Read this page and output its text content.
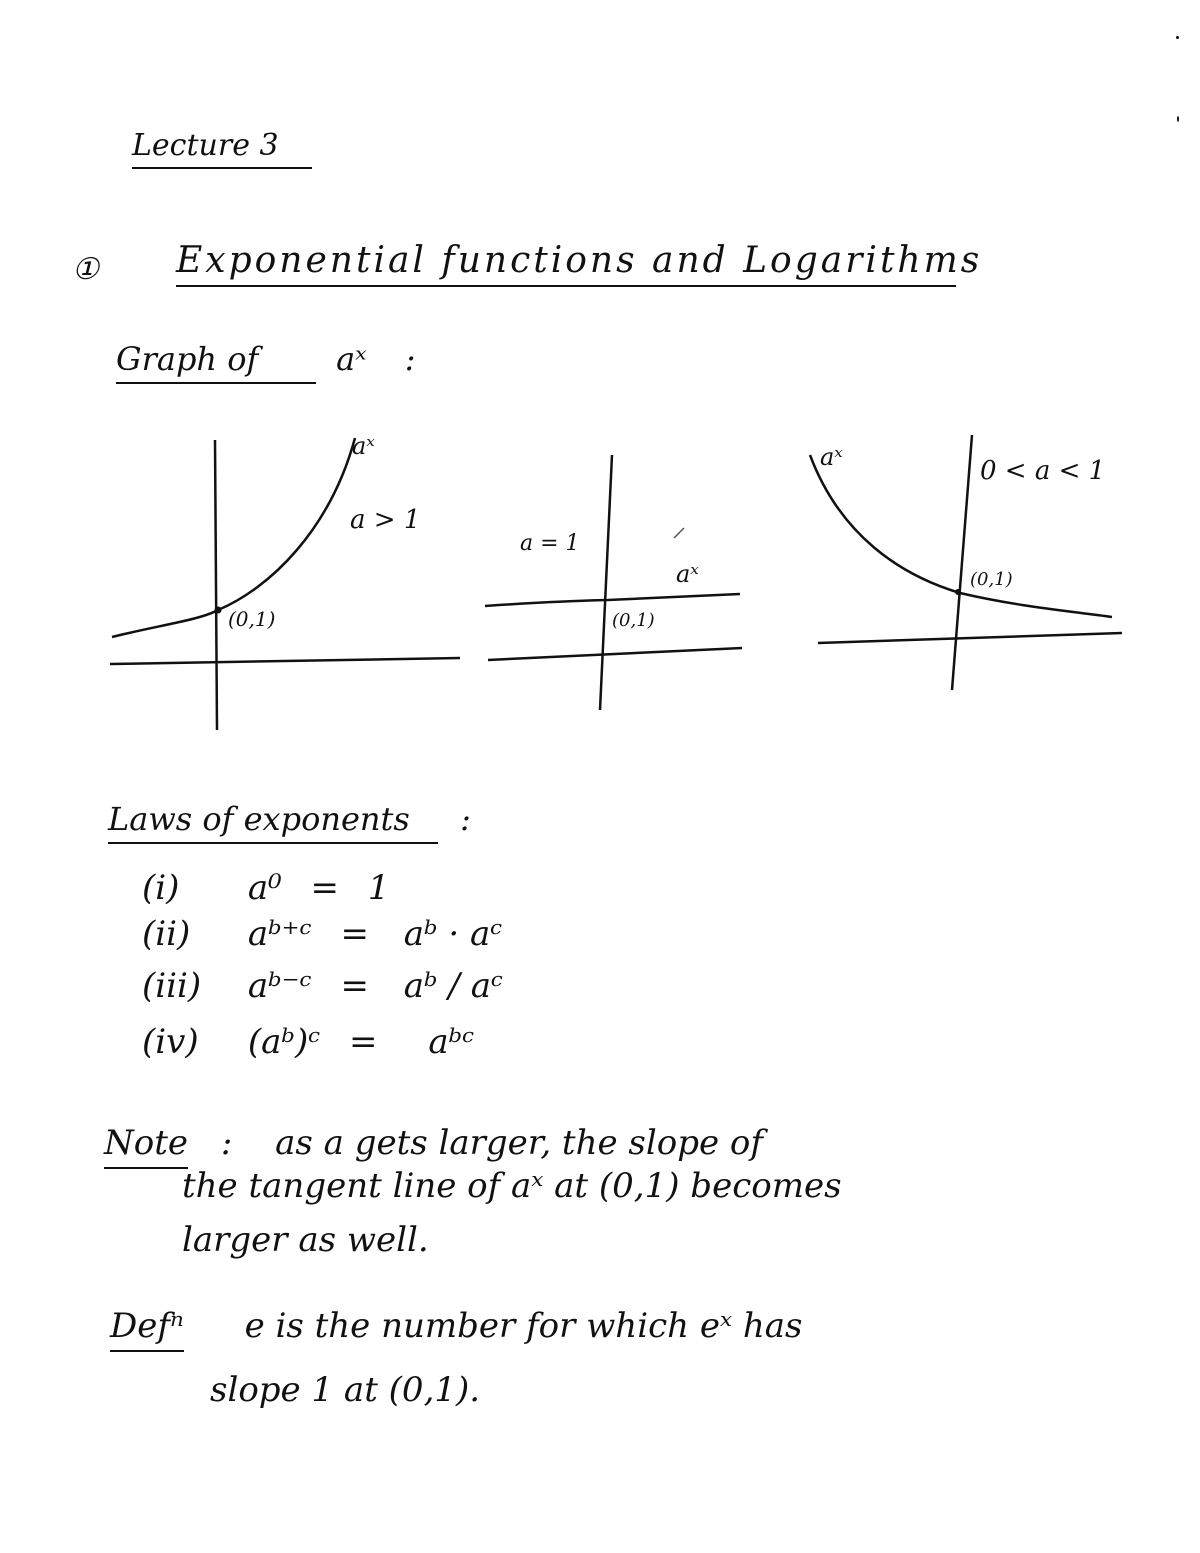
Lecture 3
① Exponential functions and Logarithms
Graph of aˣ :
aˣ
a > 1
(0,1)
aˣ
a = 1
(0,1)
aˣ	0 < a < 1
(0,1)
Laws of exponents :
(i) a⁰ = 1
(ii) aᵇ⁺ᶜ = aᵇ · aᶜ
(iii) aᵇ⁻ᶜ = aᵇ / aᶜ
(iv) (aᵇ)ᶜ = aᵇᶜ
Note : as a gets larger, the slope of
the tangent line of aˣ at (0,1) becomes
larger as well.
Defⁿ e is the number for which eˣ has
slope 1 at (0,1).
